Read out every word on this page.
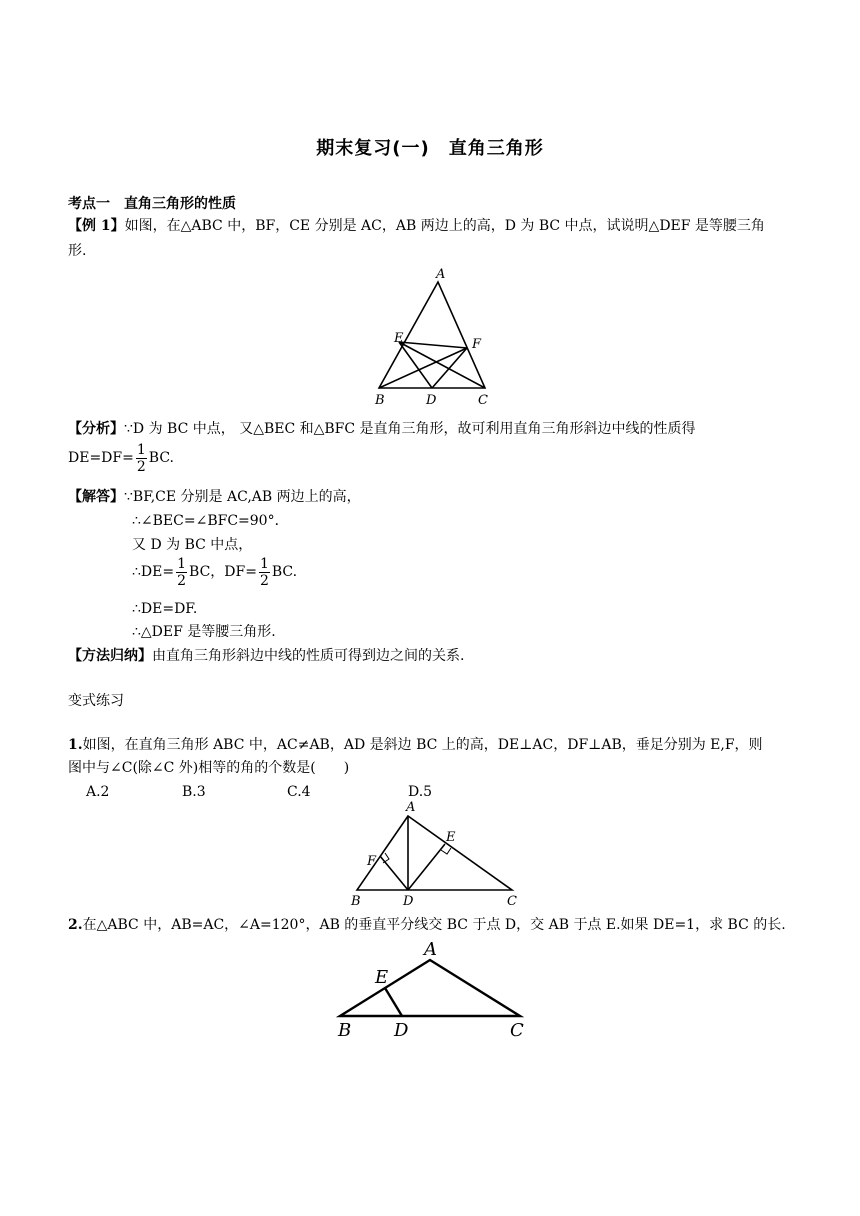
期末复习(一)　直角三角形
考点一　直角三角形的性质
【例 1】如图，在△ABC 中，BF，CE 分别是 AC，AB 两边上的高，D 为 BC 中点，试说明△DEF 是等腰三角
形.
A
E	F
B	D	C
【分析】∵D 为 BC 中点， 又△BEC 和△BFC 是直角三角形，故可利用直角三角形斜边中线的性质得
$DE=DF= \frac{1}{2}$ BC.
【解答】∵BF,CE 分别是 AC,AB 两边上的高，
∴∠BEC=∠BFC=90°．
又 D 为 BC 中点，
∴DE= $\frac{1}{2}$ BC，$DF= \frac{1}{2}$ BC.
∴DE=DF.
∴△DEF 是等腰三角形.
【方法归纳】由直角三角形斜边中线的性质可得到边之间的关系.
变式练习
1.如图，在直角三角形 ABC 中，AC≠AB，AD 是斜边 BC 上的高，DE⊥AC，DF⊥AB，垂足分别为 E,F，则
图中与∠C(除∠C 外)相等的角的个数是(　　)
A.2	B.3	C.4	D.5
A
E
F
B	D	C
2.在△ABC 中，AB=AC，∠A=120°，AB 的垂直平分线交 BC 于点 D，交 AB 于点 E.如果 DE=1，求 BC 的长.
A
E
B D	C
